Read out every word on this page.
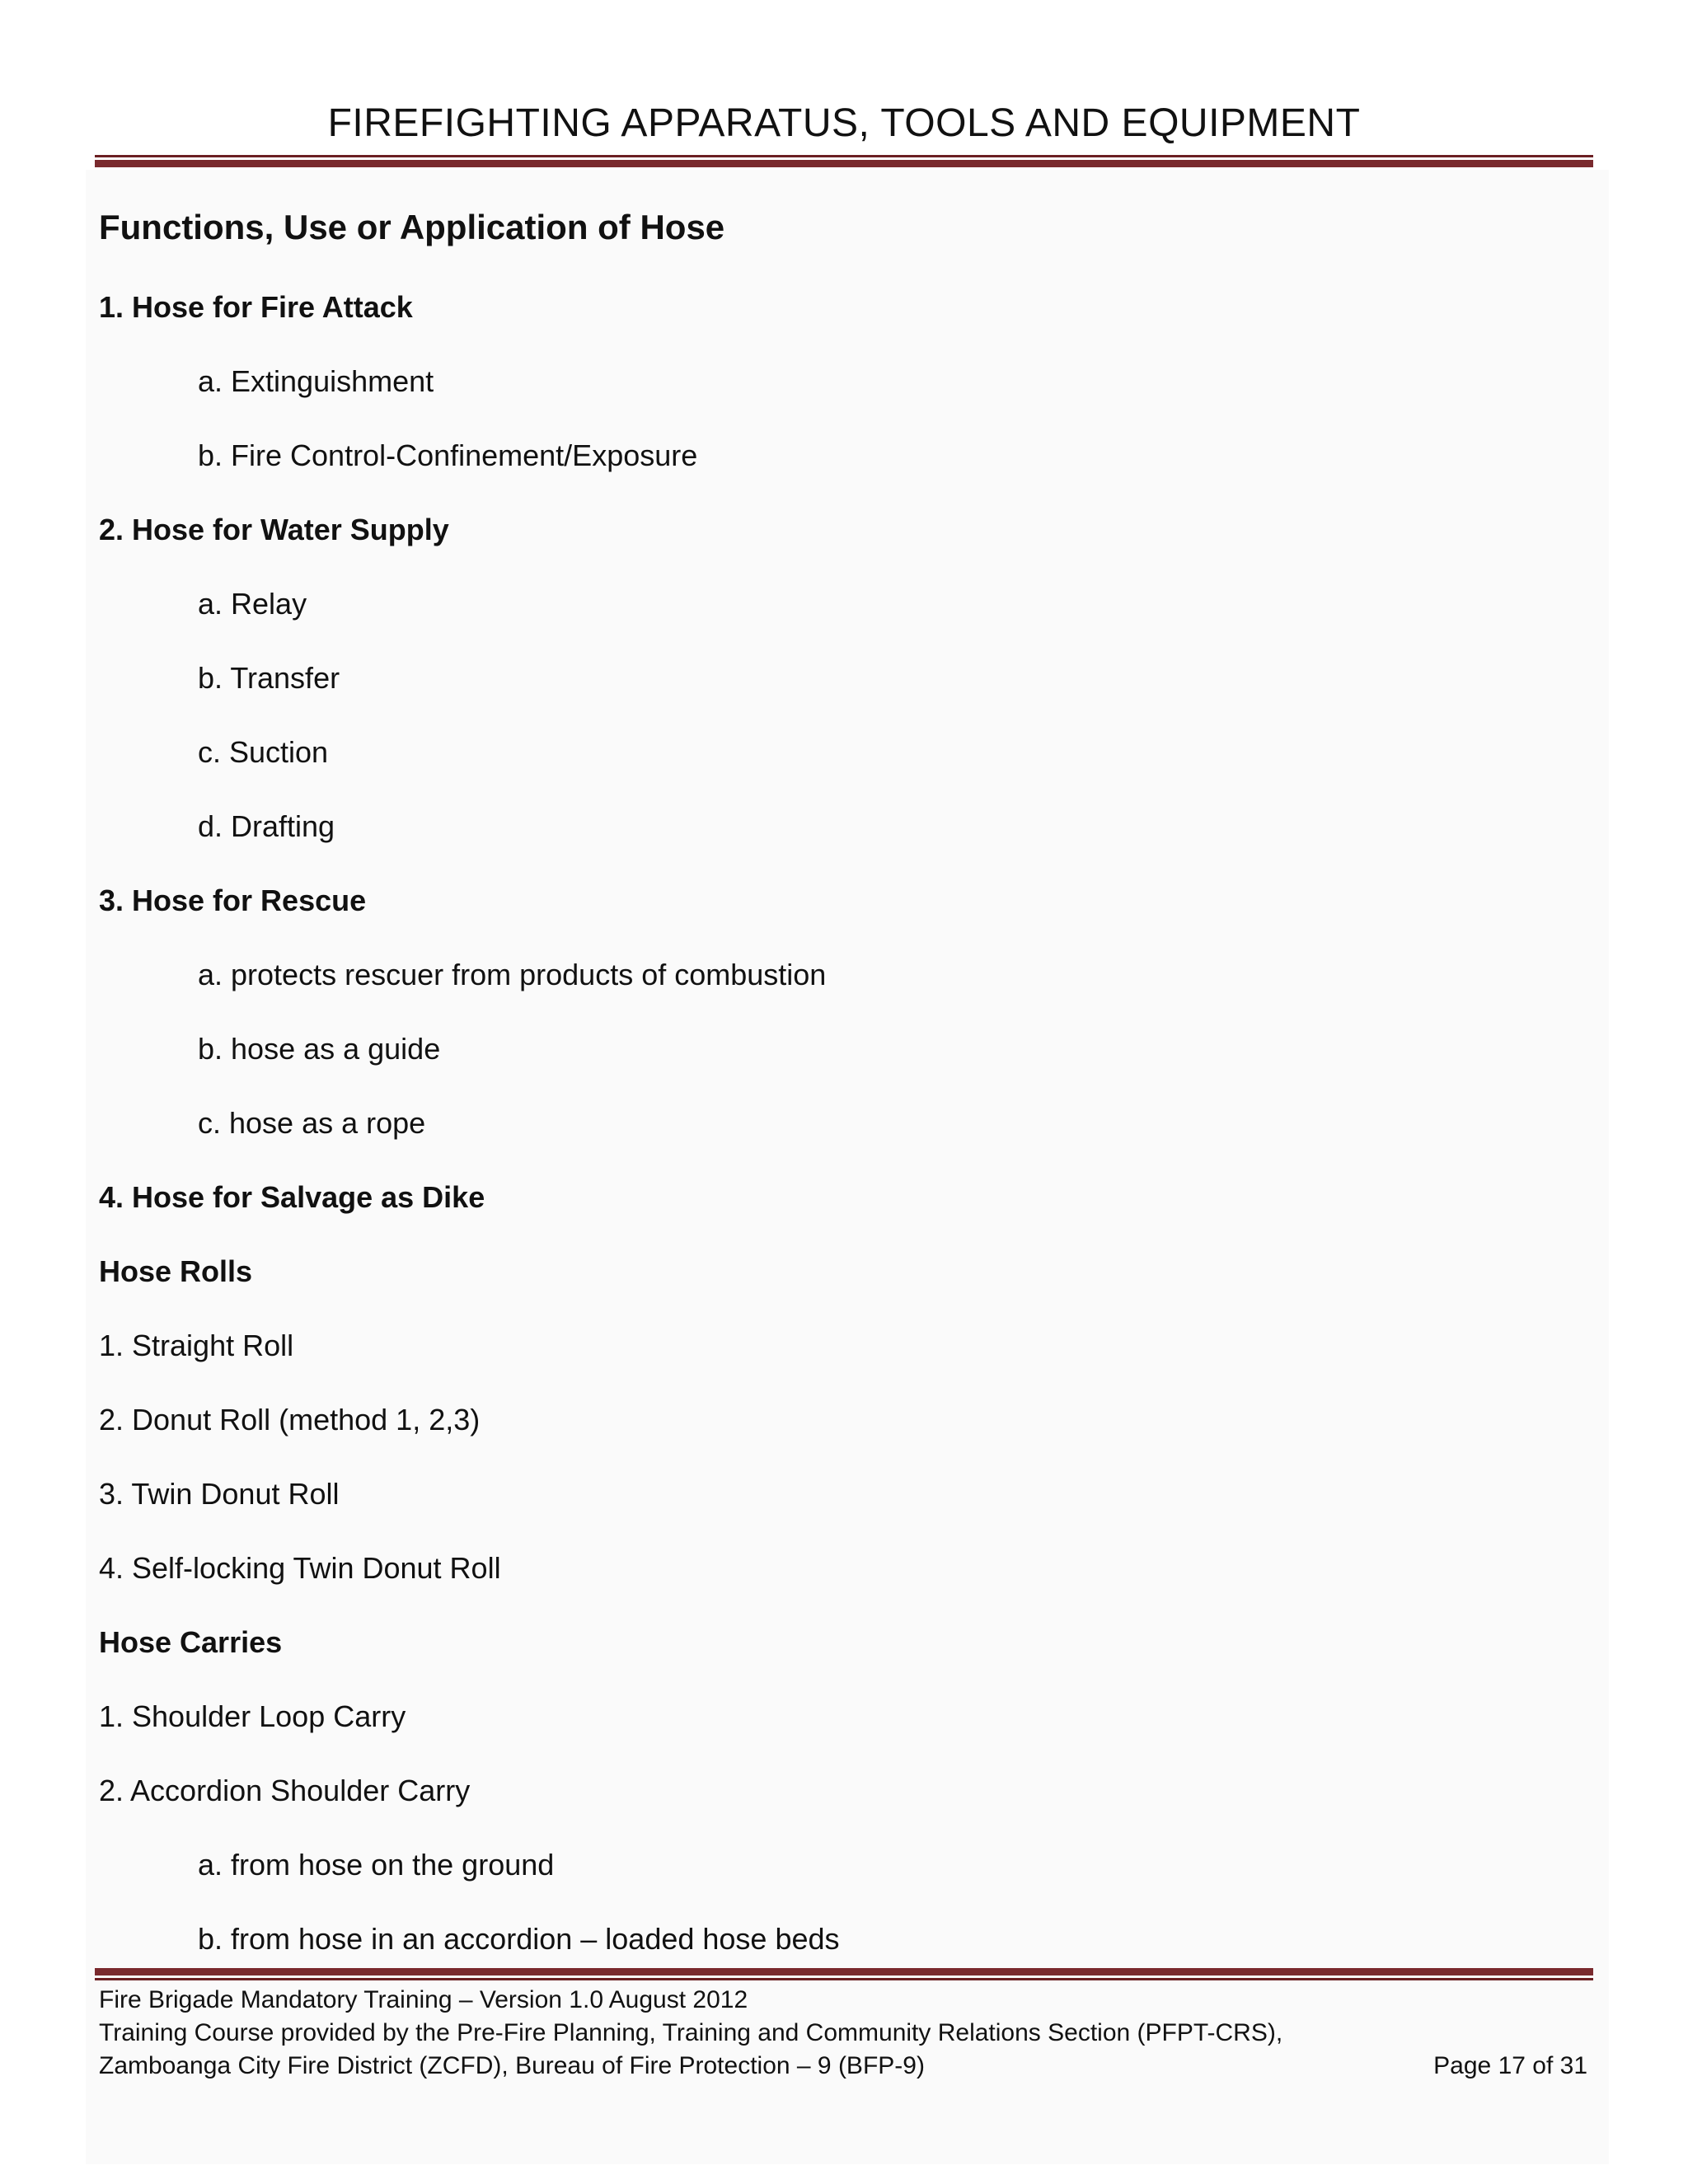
FIREFIGHTING APPARATUS, TOOLS AND EQUIPMENT
Functions, Use or Application of Hose
1. Hose for Fire Attack
a. Extinguishment
b. Fire Control-Confinement/Exposure
2. Hose for Water Supply
a. Relay
b. Transfer
c. Suction
d. Drafting
3. Hose for Rescue
a. protects rescuer from products of combustion
b. hose as a guide
c. hose as a rope
4. Hose for Salvage as Dike
Hose Rolls
1. Straight Roll
2. Donut Roll (method 1, 2,3)
3. Twin Donut Roll
4. Self-locking Twin Donut Roll
Hose Carries
1. Shoulder Loop Carry
2. Accordion Shoulder Carry
a. from hose on the ground
b. from hose in an accordion – loaded hose beds
Fire Brigade Mandatory Training – Version 1.0 August 2012
Training Course provided by the Pre-Fire Planning, Training and Community Relations Section (PFPT-CRS),
Zamboanga City Fire District (ZCFD), Bureau of Fire Protection – 9 (BFP-9)	Page 17 of 31
